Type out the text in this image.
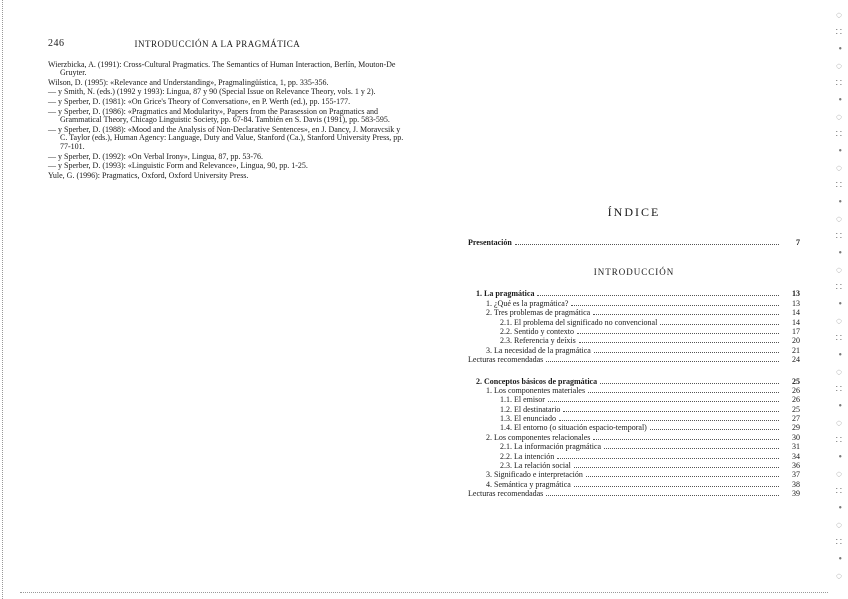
246	INTRODUCCIÓN A LA PRAGMÁTICA
Wierzbicka, A. (1991): Cross-Cultural Pragmatics. The Semantics of Human Interaction, Berlín, Mouton-De Gruyter.
Wilson, D. (1995): «Relevance and Understanding», Pragmalingüística, 1, pp. 335-356.
— y Smith, N. (eds.) (1992 y 1993): Lingua, 87 y 90 (Special Issue on Relevance Theory, vols. 1 y 2).
— y Sperber, D. (1981): «On Grice's Theory of Conversation», en P. Werth (ed.), pp. 155-177.
— y Sperber, D. (1986): «Pragmatics and Modularity», Papers from the Parasession on Pragmatics and Grammatical Theory, Chicago Linguistic Society, pp. 67-84. También en S. Davis (1991), pp. 583-595.
— y Sperber, D. (1988): «Mood and the Analysis of Non-Declarative Sentences», en J. Dancy, J. Moravcsik y C. Taylor (eds.), Human Agency: Language, Duty and Value, Stanford (Ca.), Stanford University Press, pp. 77-101.
— y Sperber, D. (1992): «On Verbal Irony», Lingua, 87, pp. 53-76.
— y Sperber, D. (1993): «Linguistic Form and Relevance», Lingua, 90, pp. 1-25.
Yule, G. (1996): Pragmatics, Oxford, Oxford University Press.
ÍNDICE
Presentación	7
INTRODUCCIÓN
1. La pragmática	13
1. ¿Qué es la pragmática?	13
2. Tres problemas de pragmática	14
2.1. El problema del significado no convencional	14
2.2. Sentido y contexto	17
2.3. Referencia y deíxis	20
3. La necesidad de la pragmática	21
Lecturas recomendadas	24
2. Conceptos básicos de pragmática	25
1. Los componentes materiales	26
1.1. El emisor	26
1.2. El destinatario	25
1.3. El enunciado	27
1.4. El entorno (o situación espacio-temporal)	29
2. Los componentes relacionales	30
2.1. La información pragmática	31
2.2. La intención	34
2.3. La relación social	36
3. Significado e interpretación	37
4. Semántica y pragmática	38
Lecturas recomendadas	39
◌
∷
•
◌
∷
•
◌
∷
•
◌
∷
•
◌
∷
•
◌
∷
•
◌
∷
•
◌
∷
•
◌
∷
•
◌
∷
•
◌
∷
•
◌
